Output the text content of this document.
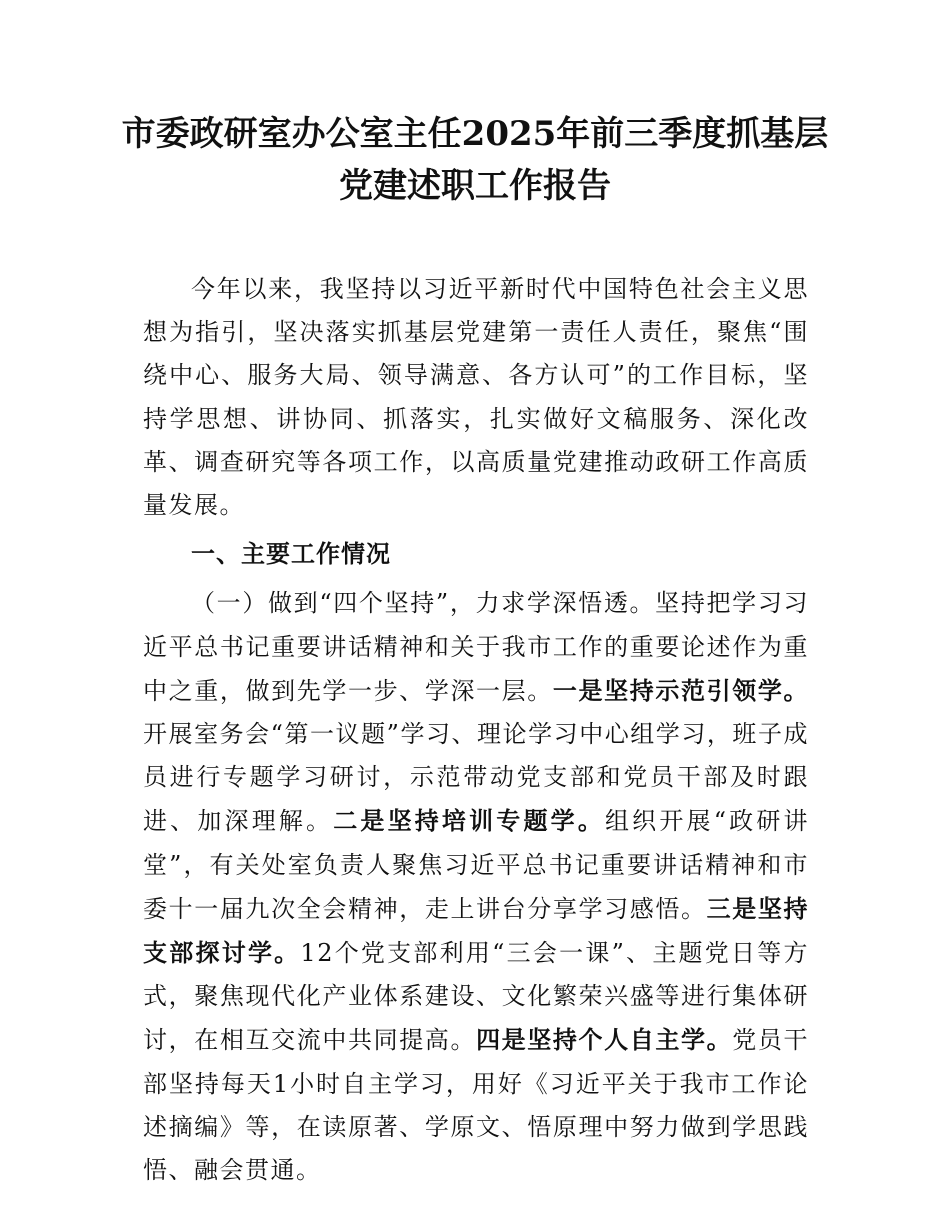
市委政研室办公室主任2025年前三季度抓基层党建述职工作报告

今年以来，我坚持以习近平新时代中国特色社会主义思想为指引，坚决落实抓基层党建第一责任人责任，聚焦“围绕中心、服务大局、领导满意、各方认可”的工作目标，坚持学思想、讲协同、抓落实，扎实做好文稿服务、深化改革、调查研究等各项工作，以高质量党建推动政研工作高质量发展。

一、主要工作情况

（一）做到“四个坚持”，力求学深悟透。坚持把学习习近平总书记重要讲话精神和关于我市工作的重要论述作为重中之重，做到先学一步、学深一层。一是坚持示范引领学。开展室务会“第一议题”学习、理论学习中心组学习，班子成员进行专题学习研讨，示范带动党支部和党员干部及时跟进、加深理解。二是坚持培训专题学。组织开展“政研讲堂”，有关处室负责人聚焦习近平总书记重要讲话精神和市委十一届九次全会精神，走上讲台分享学习感悟。三是坚持支部探讨学。12个党支部利用“三会一课”、主题党日等方式，聚焦现代化产业体系建设、文化繁荣兴盛等进行集体研讨，在相互交流中共同提高。四是坚持个人自主学。党员干部坚持每天1小时自主学习，用好《习近平关于我市工作论述摘编》等，在读原著、学原文、悟原理中努力做到学思践悟、融会贯通。
